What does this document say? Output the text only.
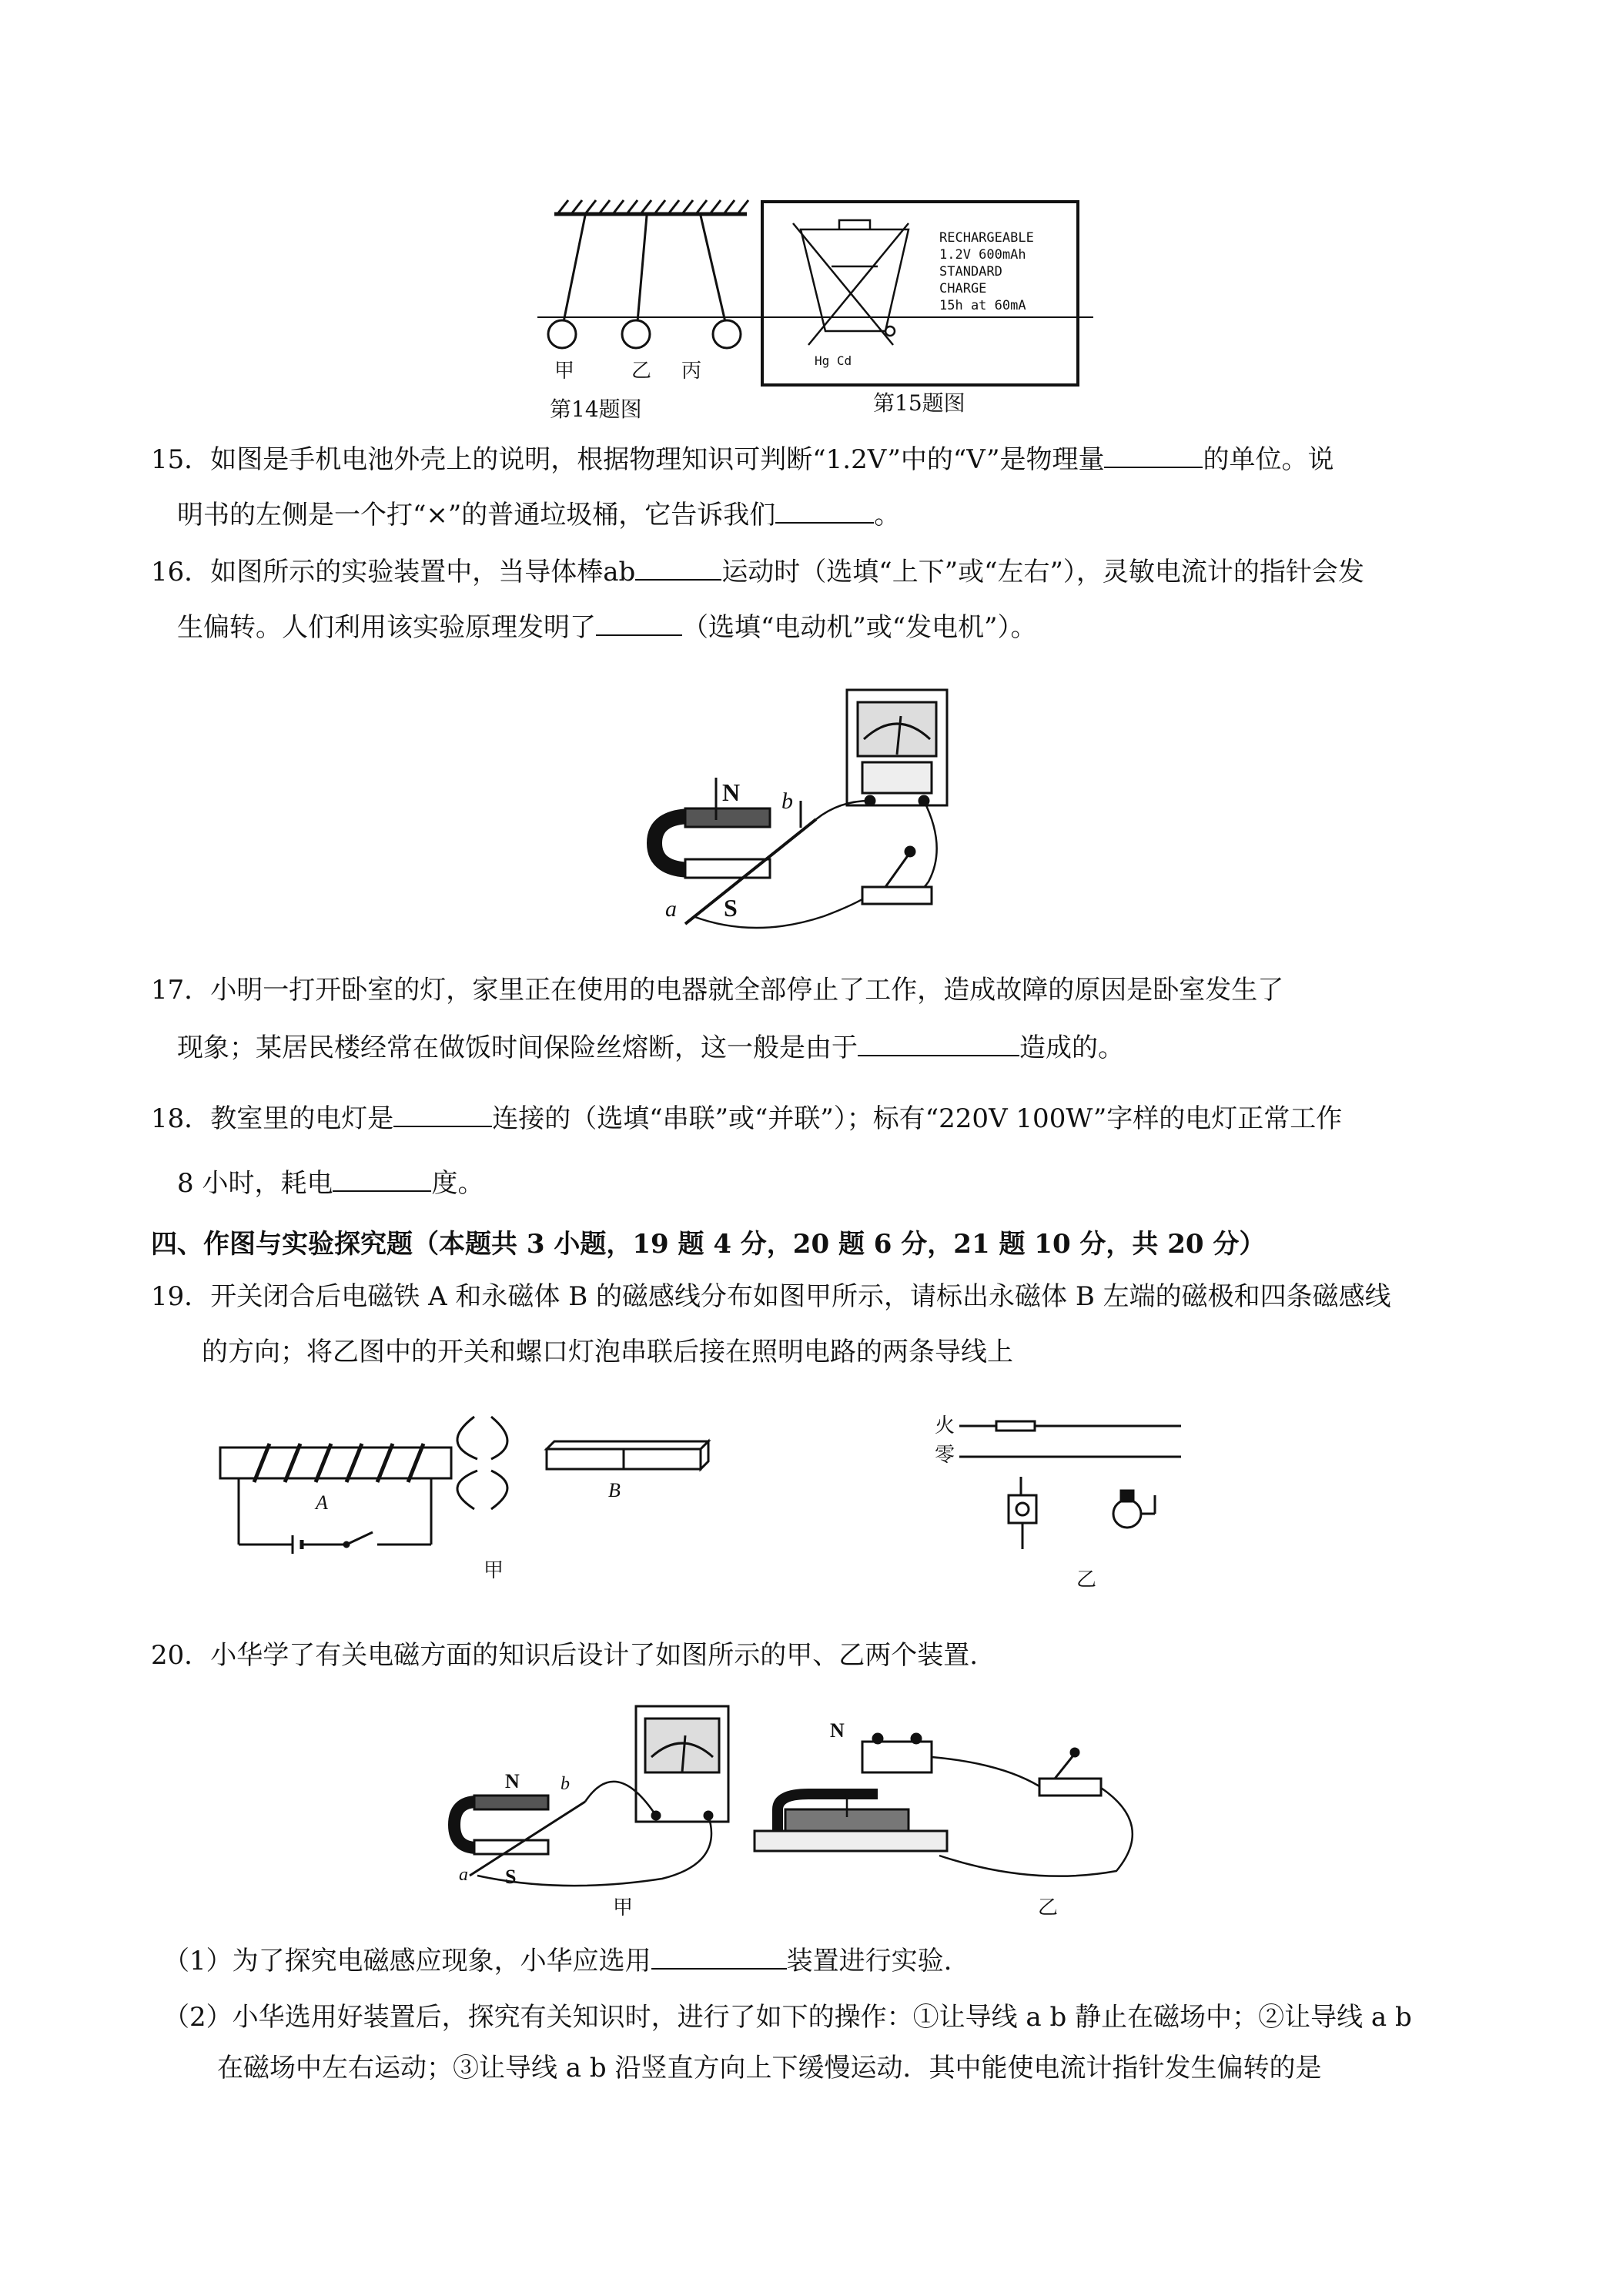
甲	乙 丙	Hg Cd
RECHARGEABLE
1.2V 600mAh
STANDARD
CHARGE
15h at 60mA
第14题图	第15题图
15．如图是手机电池外壳上的说明，根据物理知识可判断“1.2V”中的“V”是物理量	的单位。说
明书的左侧是一个打“×”的普通垃圾桶，它告诉我们	。
16．如图所示的实验装置中，当导体棒ab	运动时（选填“上下”或“左右”），灵敏电流计的指针会发
生偏转。人们利用该实验原理发明了	（选填“电动机”或“发电机”）。
N b
a S
17．小明一打开卧室的灯，家里正在使用的电器就全部停止了工作，造成故障的原因是卧室发生了
现象；某居民楼经常在做饭时间保险丝熔断，这一般是由于	造成的。
18．教室里的电灯是	连接的（选填“串联”或“并联”）；标有“220V 100W”字样的电灯正常工作
8 小时，耗电	度。
四、作图与实验探究题（本题共 3 小题，19 题 4 分，20 题 6 分，21 题 10 分，共 20 分）
19．开关闭合后电磁铁 A 和永磁体 B 的磁感线分布如图甲所示，请标出永磁体 B 左端的磁极和四条磁感线
的方向；将乙图中的开关和螺口灯泡串联后接在照明电路的两条导线上
A
B
甲
火
零
乙
20．小华学了有关电磁方面的知识后设计了如图所示的甲、乙两个装置.
N b
a S
N
甲	乙
（1）为了探究电磁感应现象，小华应选用	装置进行实验.
（2）小华选用好装置后，探究有关知识时，进行了如下的操作：①让导线 a b 静止在磁场中；②让导线 a b
在磁场中左右运动；③让导线 a b 沿竖直方向上下缓慢运动．其中能使电流计指针发生偏转的是
